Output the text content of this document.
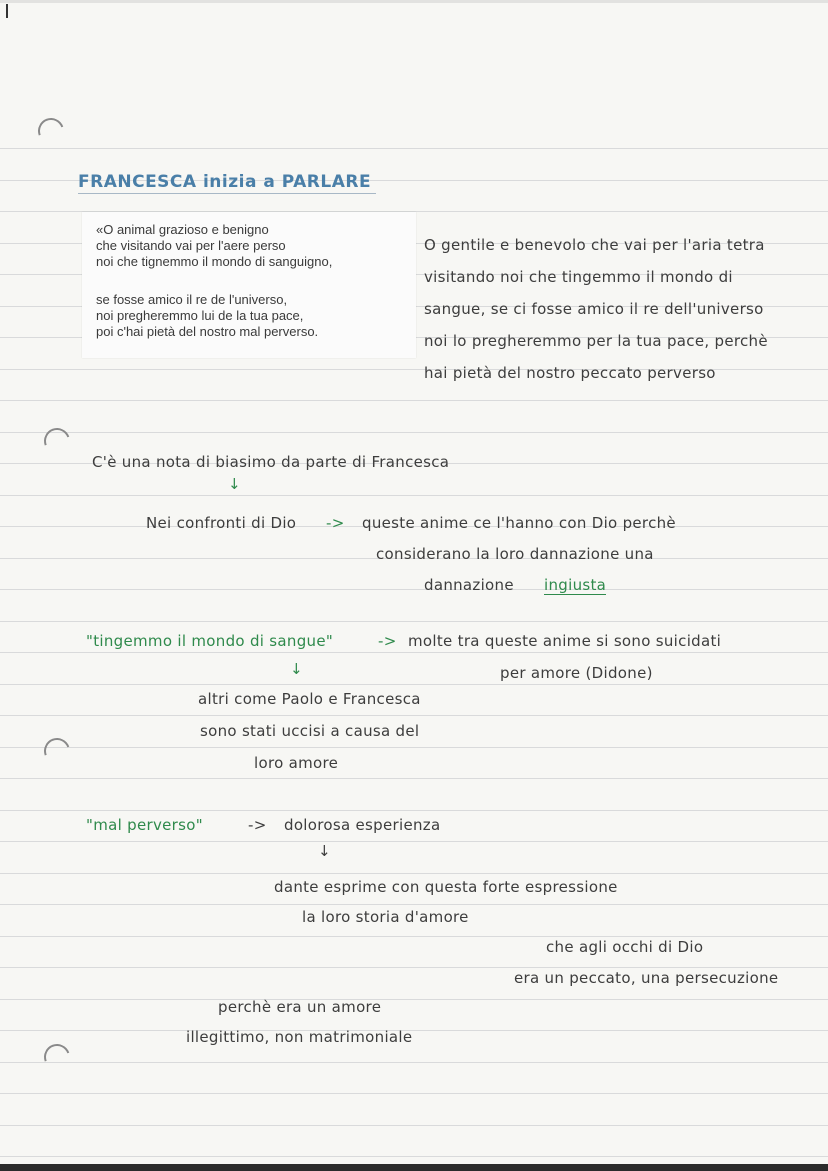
FRANCESCA inizia a PARLARE
«O animal grazioso e benigno
che visitando vai per l'aere perso
noi che tignemmo il mondo di sanguigno,
se fosse amico il re de l'universo,
noi pregheremmo lui de la tua pace,
poi c'hai pietà del nostro mal perverso.
O gentile e benevolo che vai per l'aria tetra
visitando noi che tingemmo il mondo di
sangue, se ci fosse amico il re dell'universo
noi lo pregheremmo per la tua pace, perchè
hai pietà del nostro peccato perverso
C'è una nota di biasimo da parte di Francesca
↓
Nei confronti di Dio -> queste anime ce l'hanno con Dio perchè
considerano la loro dannazione una
dannazione ingiusta
"tingemmo il mondo di sangue"	-> molte tra queste anime si sono suicidati
per amore (Didone)
↓
altri come Paolo e Francesca
sono stati uccisi a causa del
loro amore
"mal perverso"	-> dolorosa esperienza
↓
dante esprime con questa forte espressione
la loro storia d'amore
che agli occhi di Dio
era un peccato, una persecuzione
perchè era un amore
illegittimo, non matrimoniale
